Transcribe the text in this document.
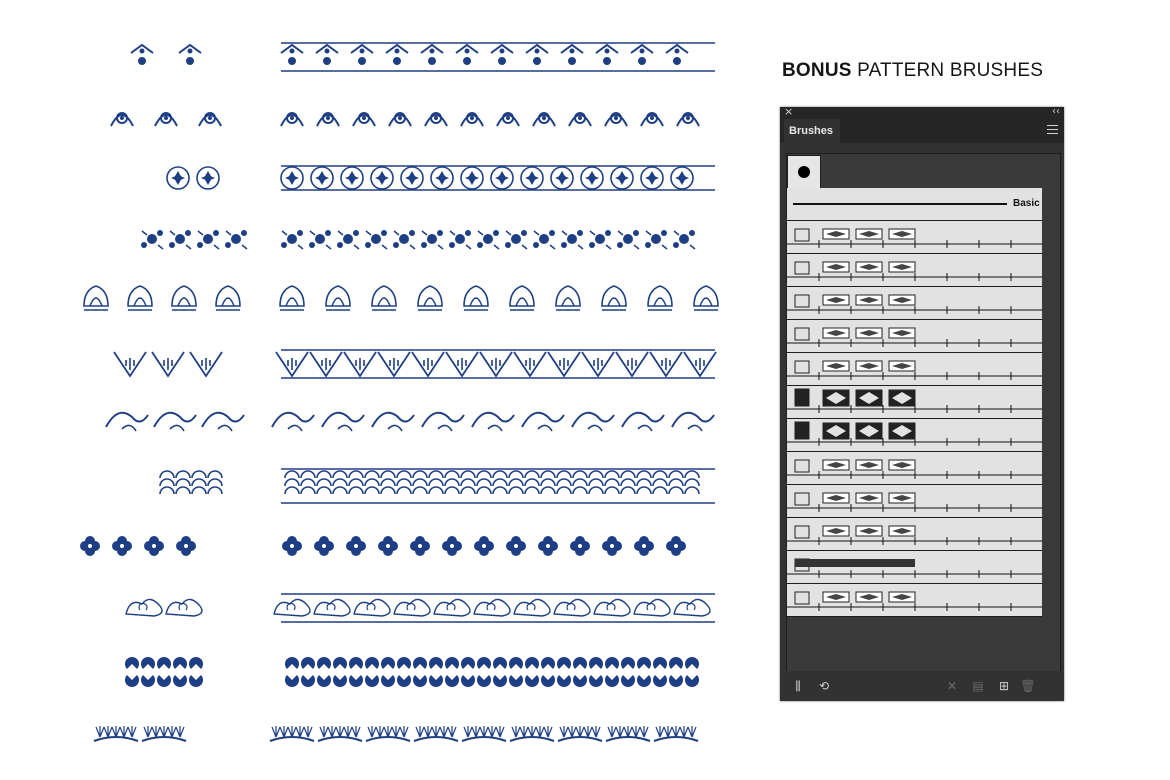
BONUS PATTERN BRUSHES
×	‹‹
Brushes
Basic
⫼	⟲	✕ ▤ ⊞ 🗑
